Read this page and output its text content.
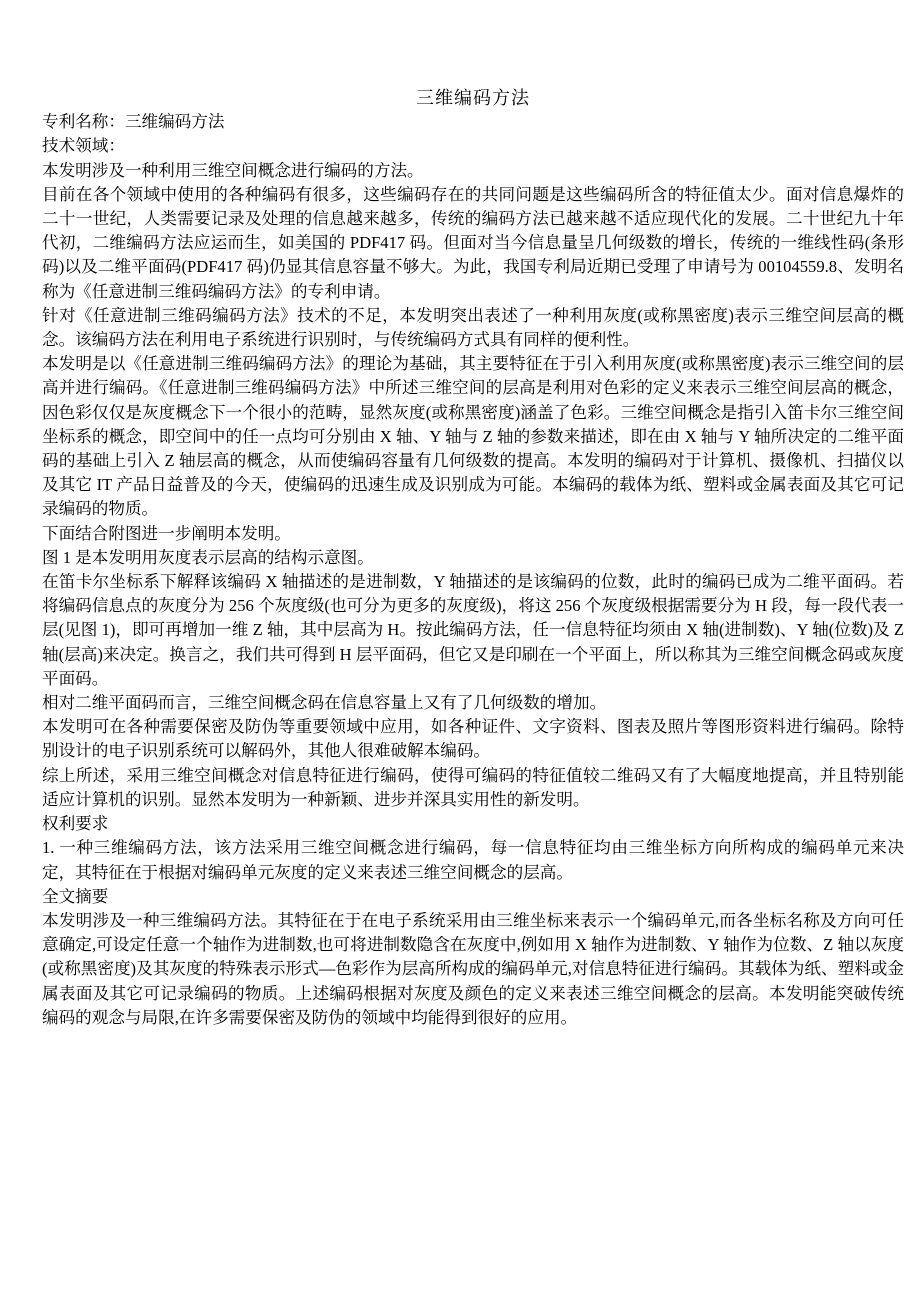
三维编码方法

专利名称：三维编码方法

技术领域：

本发明涉及一种利用三维空间概念进行编码的方法。

目前在各个领域中使用的各种编码有很多，这些编码存在的共同问题是这些编码所含的特征值太少。面对信息爆炸的二十一世纪，人类需要记录及处理的信息越来越多，传统的编码方法已越来越不适应现代化的发展。二十世纪九十年代初，二维编码方法应运而生，如美国的 PDF417 码。但面对当今信息量呈几何级数的增长，传统的一维线性码(条形码)以及二维平面码(PDF417 码)仍显其信息容量不够大。为此，我国专利局近期已受理了申请号为 00104559.8、发明名称为《任意进制三维码编码方法》的专利申请。

针对《任意进制三维码编码方法》技术的不足，本发明突出表述了一种利用灰度(或称黑密度)表示三维空间层高的概念。该编码方法在利用电子系统进行识别时，与传统编码方式具有同样的便利性。

本发明是以《任意进制三维码编码方法》的理论为基础，其主要特征在于引入利用灰度(或称黑密度)表示三维空间的层高并进行编码。《任意进制三维码编码方法》中所述三维空间的层高是利用对色彩的定义来表示三维空间层高的概念，因色彩仅仅是灰度概念下一个很小的范畴，显然灰度(或称黑密度)涵盖了色彩。三维空间概念是指引入笛卡尔三维空间坐标系的概念，即空间中的任一点均可分别由 X 轴、Y 轴与 Z 轴的参数来描述，即在由 X 轴与 Y 轴所决定的二维平面码的基础上引入 Z 轴层高的概念，从而使编码容量有几何级数的提高。本发明的编码对于计算机、摄像机、扫描仪以及其它 IT 产品日益普及的今天，使编码的迅速生成及识别成为可能。本编码的载体为纸、塑料或金属表面及其它可记录编码的物质。

下面结合附图进一步阐明本发明。

图 1 是本发明用灰度表示层高的结构示意图。

在笛卡尔坐标系下解释该编码 X 轴描述的是进制数，Y 轴描述的是该编码的位数，此时的编码已成为二维平面码。若将编码信息点的灰度分为 256 个灰度级(也可分为更多的灰度级)，将这 256 个灰度级根据需要分为 H 段，每一段代表一层(见图 1)，即可再增加一维 Z 轴，其中层高为 H。按此编码方法，任一信息特征均须由 X 轴(进制数)、Y 轴(位数)及 Z 轴(层高)来决定。换言之，我们共可得到 H 层平面码，但它又是印刷在一个平面上，所以称其为三维空间概念码或灰度平面码。

相对二维平面码而言，三维空间概念码在信息容量上又有了几何级数的增加。

本发明可在各种需要保密及防伪等重要领域中应用，如各种证件、文字资料、图表及照片等图形资料进行编码。除特别设计的电子识别系统可以解码外，其他人很难破解本编码。

综上所述，采用三维空间概念对信息特征进行编码，使得可编码的特征值较二维码又有了大幅度地提高，并且特别能适应计算机的识别。显然本发明为一种新颖、进步并深具实用性的新发明。

权利要求

1. 一种三维编码方法，该方法采用三维空间概念进行编码，每一信息特征均由三维坐标方向所构成的编码单元来决定，其特征在于根据对编码单元灰度的定义来表述三维空间概念的层高。

全文摘要

本发明涉及一种三维编码方法。其特征在于在电子系统采用由三维坐标来表示一个编码单元,而各坐标名称及方向可任意确定,可设定任意一个轴作为进制数,也可将进制数隐含在灰度中,例如用 X 轴作为进制数、Y 轴作为位数、Z 轴以灰度(或称黑密度)及其灰度的特殊表示形式—色彩作为层高所构成的编码单元,对信息特征进行编码。其载体为纸、塑料或金属表面及其它可记录编码的物质。上述编码根据对灰度及颜色的定义来表述三维空间概念的层高。本发明能突破传统编码的观念与局限,在许多需要保密及防伪的领域中均能得到很好的应用。
